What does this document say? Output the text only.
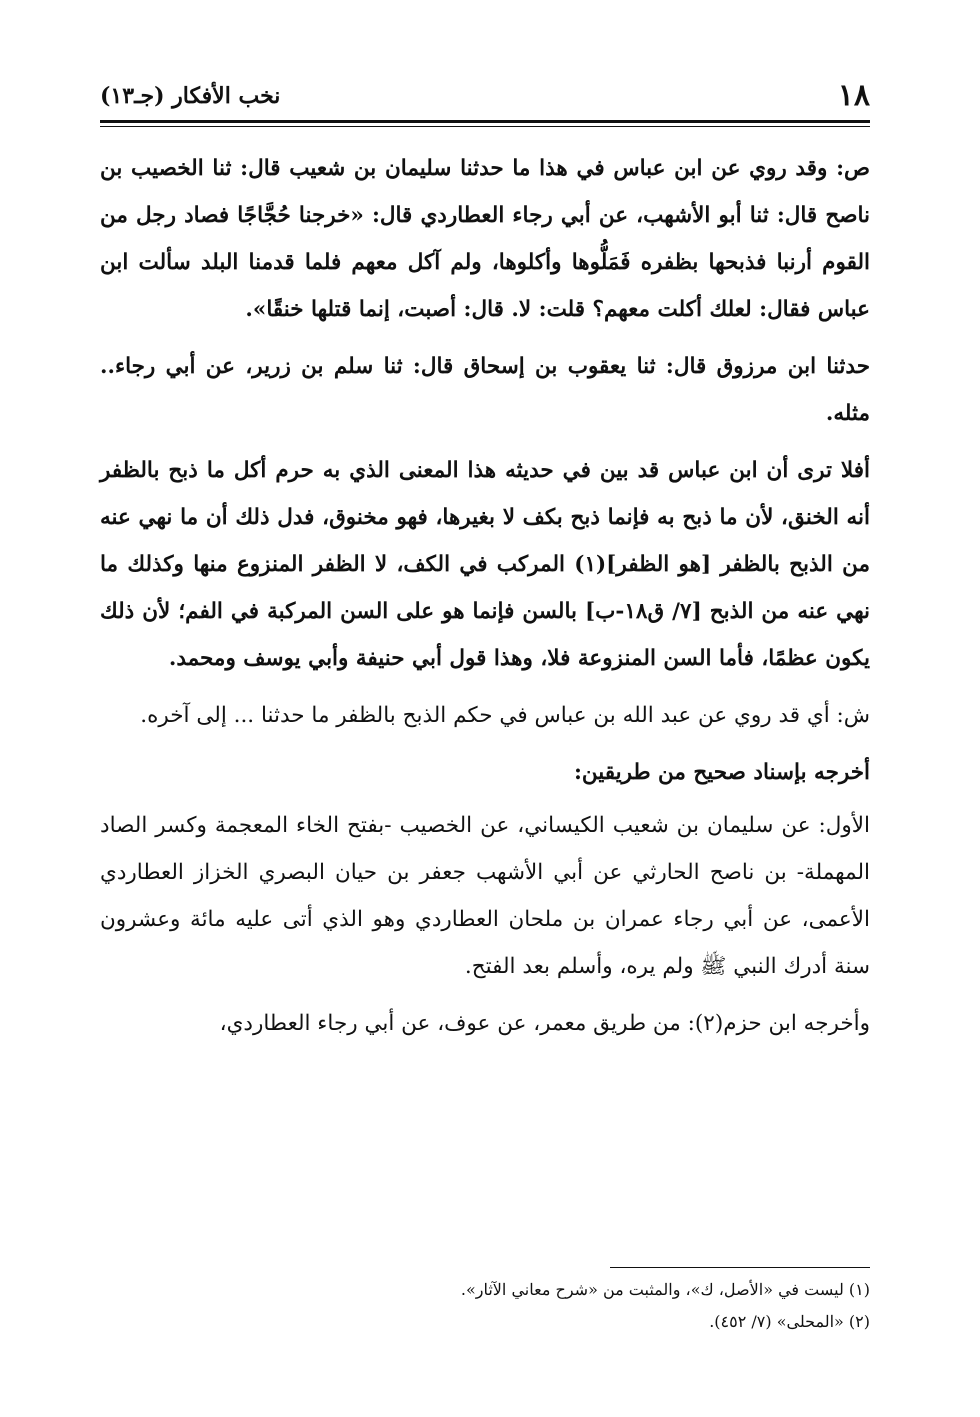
١٨
نخب الأفكار (جـ١٣)

ص: وقد روي عن ابن عباس في هذا ما حدثنا سليمان بن شعيب قال: ثنا الخصيب بن ناصح قال: ثنا أبو الأشهب، عن أبي رجاء العطاردي قال: «خرجنا حُجَّاجًا فصاد رجل من القوم أرنبا فذبحها بظفره فَمَلُّوها وأكلوها، ولم آكل معهم فلما قدمنا البلد سألت ابن عباس فقال: لعلك أكلت معهم؟ قلت: لا. قال: أصبت، إنما قتلها خنقًا».

حدثنا ابن مرزوق قال: ثنا يعقوب بن إسحاق قال: ثنا سلم بن زرير، عن أبي رجاء.. مثله.

أفلا ترى أن ابن عباس قد بين في حديثه هذا المعنى الذي به حرم أكل ما ذبح بالظفر أنه الخنق، لأن ما ذبح به فإنما ذبح بكف لا بغيرها، فهو مخنوق، فدل ذلك أن ما نهي عنه من الذبح بالظفر [هو الظفر](١) المركب في الكف، لا الظفر المنزوع منها وكذلك ما نهي عنه من الذبح [٧/ ق١٨-ب] بالسن فإنما هو على السن المركبة في الفم؛ لأن ذلك يكون عظمًا، فأما السن المنزوعة فلا، وهذا قول أبي حنيفة وأبي يوسف ومحمد.

ش: أي قد روي عن عبد الله بن عباس في حكم الذبح بالظفر ما حدثنا ... إلى آخره.

أخرجه بإسناد صحيح من طريقين:

الأول: عن سليمان بن شعيب الكيساني، عن الخصيب -بفتح الخاء المعجمة وكسر الصاد المهملة- بن ناصح الحارثي عن أبي الأشهب جعفر بن حيان البصري الخزاز العطاردي الأعمى، عن أبي رجاء عمران بن ملحان العطاردي وهو الذي أتى عليه مائة وعشرون سنة أدرك النبي ﷺ ولم يره، وأسلم بعد الفتح.

وأخرجه ابن حزم(٢): من طريق معمر، عن عوف، عن أبي رجاء العطاردي،

(١) ليست في «الأصل، ك»، والمثبت من «شرح معاني الآثار».

(٢) «المحلى» (٧/ ٤٥٢).
